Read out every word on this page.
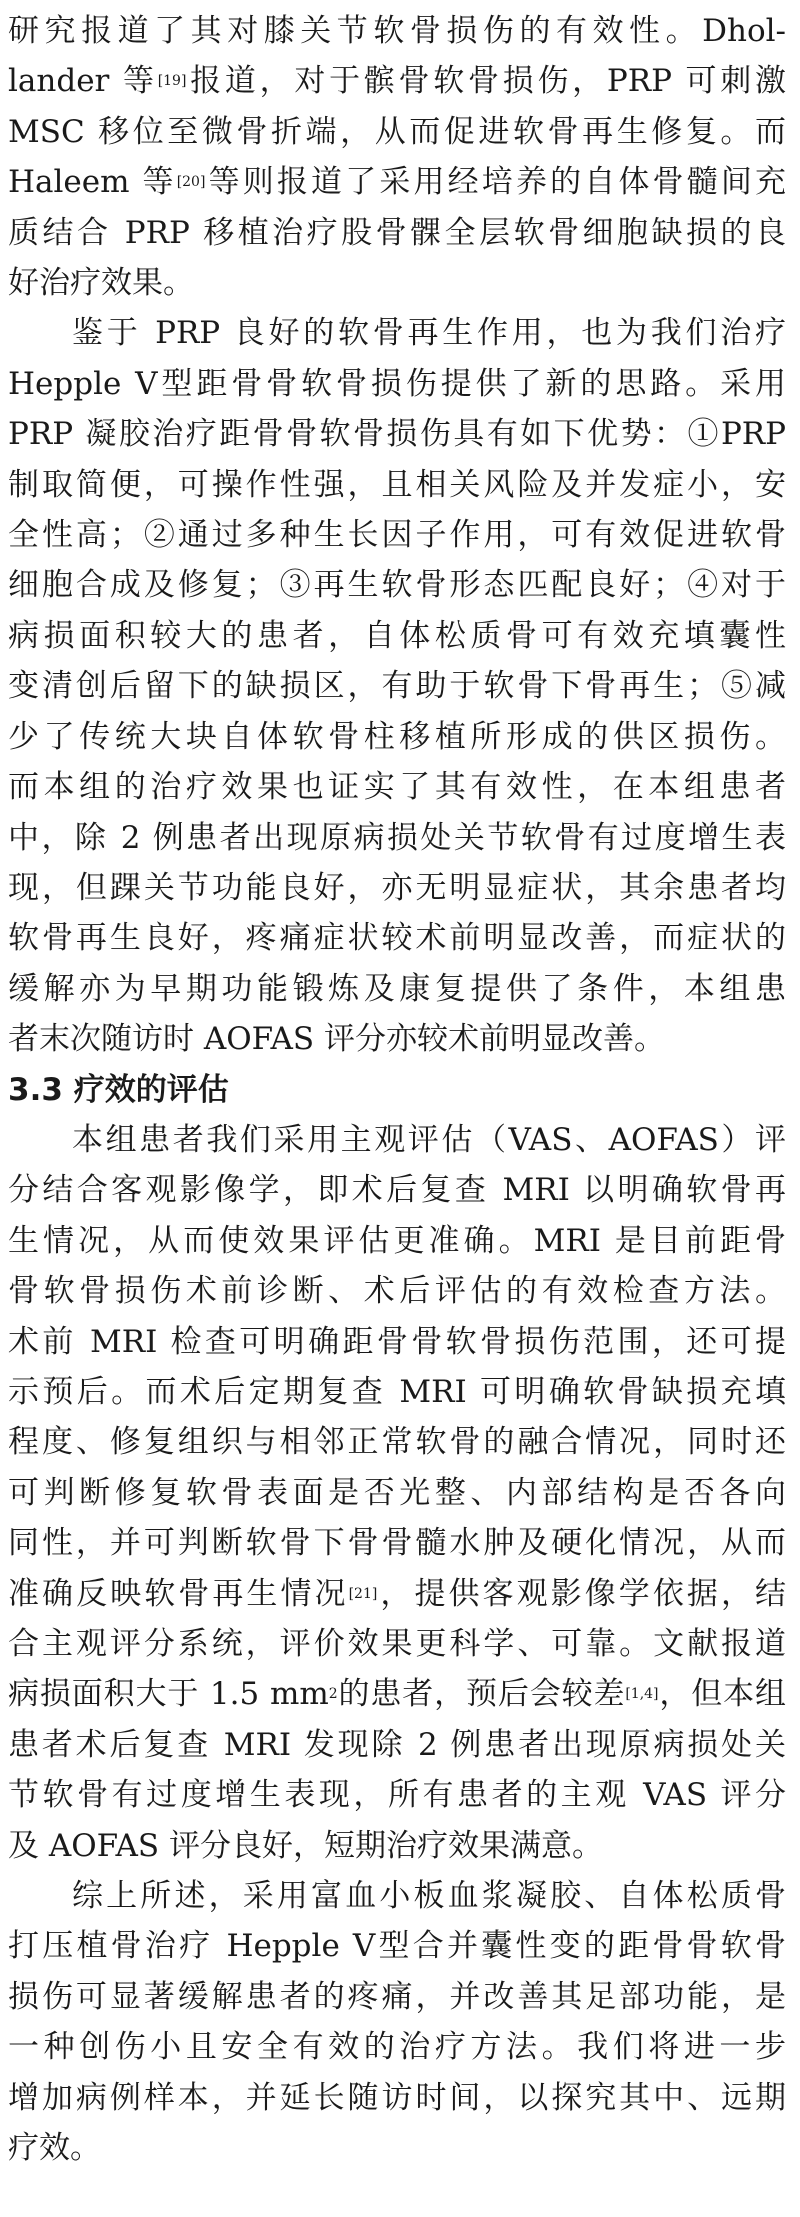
研究报道了其对膝关节软骨损伤的有效性。Dhol-
lander 等[19]报道，对于髌骨软骨损伤，PRP 可刺激
MSC 移位至微骨折端，从而促进软骨再生修复。而
Haleem 等[20]等则报道了采用经培养的自体骨髓间充
质结合 PRP 移植治疗股骨髁全层软骨细胞缺损的良
好治疗效果。
鉴于 PRP 良好的软骨再生作用，也为我们治疗
Hepple Ⅴ型距骨骨软骨损伤提供了新的思路。采用
PRP 凝胶治疗距骨骨软骨损伤具有如下优势：①PRP
制取简便，可操作性强，且相关风险及并发症小，安
全性高；②通过多种生长因子作用，可有效促进软骨
细胞合成及修复；③再生软骨形态匹配良好；④对于
病损面积较大的患者，自体松质骨可有效充填囊性
变清创后留下的缺损区，有助于软骨下骨再生；⑤减
少了传统大块自体软骨柱移植所形成的供区损伤。
而本组的治疗效果也证实了其有效性，在本组患者
中，除 2 例患者出现原病损处关节软骨有过度增生表
现，但踝关节功能良好，亦无明显症状，其余患者均
软骨再生良好，疼痛症状较术前明显改善，而症状的
缓解亦为早期功能锻炼及康复提供了条件，本组患
者末次随访时 AOFAS 评分亦较术前明显改善。
3.3 疗效的评估
本组患者我们采用主观评估（VAS、AOFAS）评
分结合客观影像学，即术后复查 MRI 以明确软骨再
生情况，从而使效果评估更准确。MRI 是目前距骨
骨软骨损伤术前诊断、术后评估的有效检查方法。
术前 MRI 检查可明确距骨骨软骨损伤范围，还可提
示预后。而术后定期复查 MRI 可明确软骨缺损充填
程度、修复组织与相邻正常软骨的融合情况，同时还
可判断修复软骨表面是否光整、内部结构是否各向
同性，并可判断软骨下骨骨髓水肿及硬化情况，从而
准确反映软骨再生情况[21]，提供客观影像学依据，结
合主观评分系统，评价效果更科学、可靠。文献报道
病损面积大于 1.5 $mm^2$的患者，预后会较差[1,4]，但本组
患者术后复查 MRI 发现除 2 例患者出现原病损处关
节软骨有过度增生表现，所有患者的主观 VAS 评分
及 AOFAS 评分良好，短期治疗效果满意。
综上所述，采用富血小板血浆凝胶、自体松质骨
打压植骨治疗 Hepple Ⅴ型合并囊性变的距骨骨软骨
损伤可显著缓解患者的疼痛，并改善其足部功能，是
一种创伤小且安全有效的治疗方法。我们将进一步
增加病例样本，并延长随访时间，以探究其中、远期
疗效。
